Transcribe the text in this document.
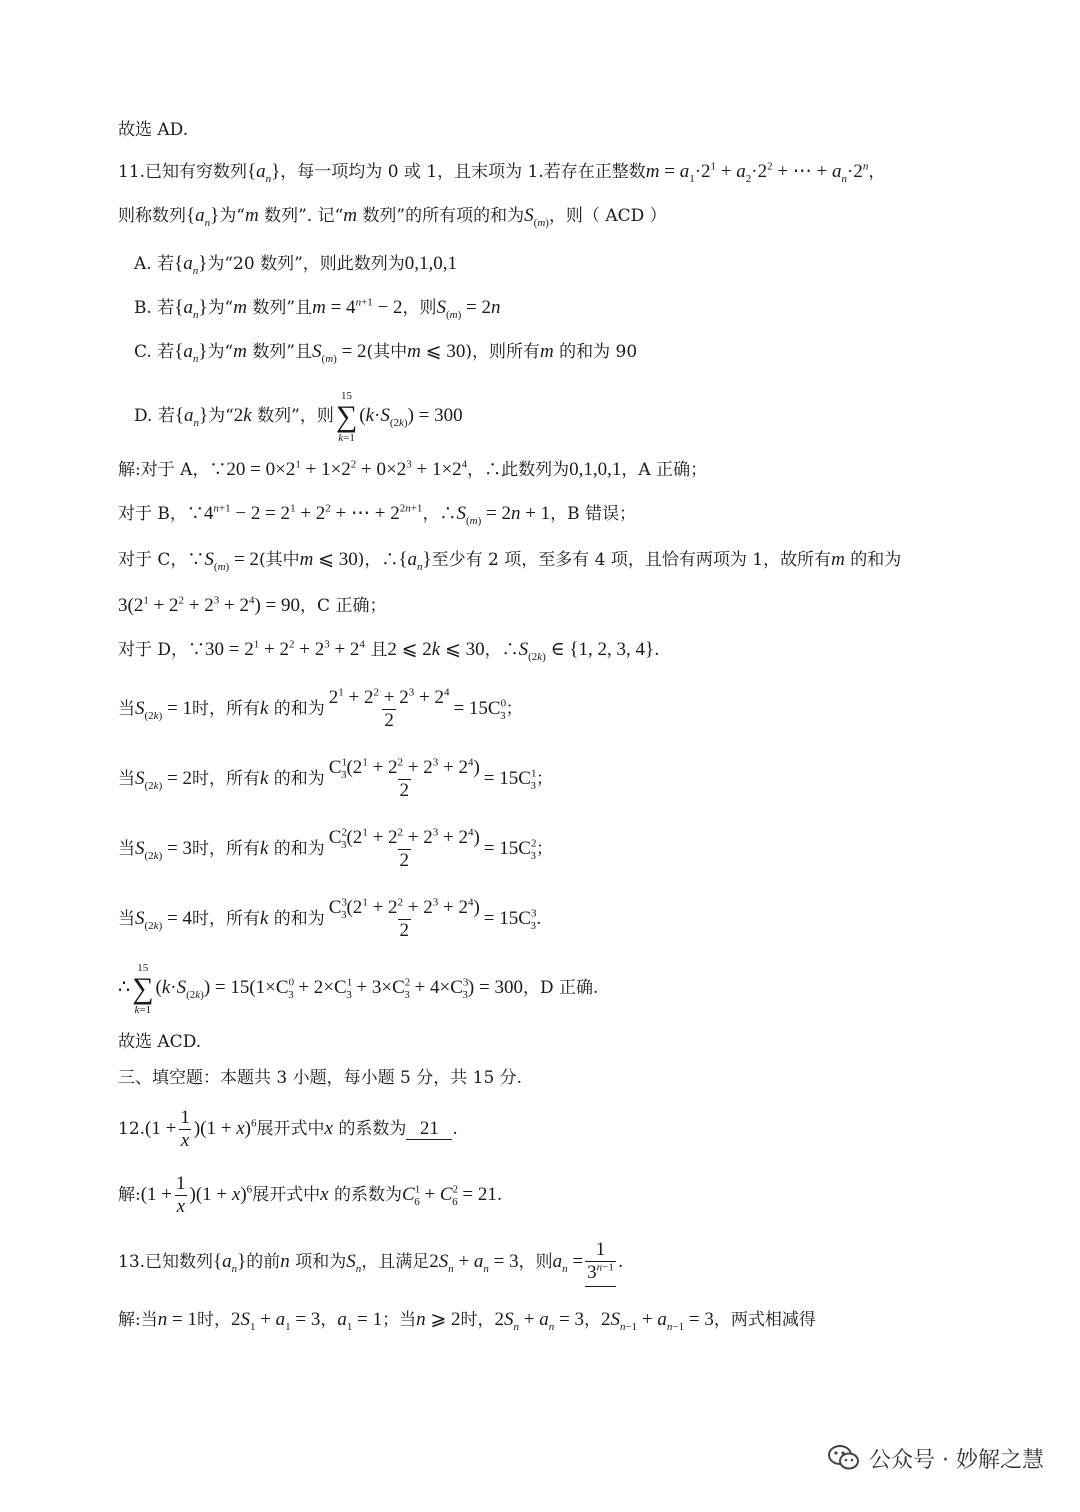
故选 AD.
11.已知有穷数列$\{a_n\}$，每一项均为 0 或 1，且末项为 1.若存在正整数$m = a_1\cdot 2^1 + a_2\cdot 2^2$ + ⋯ + $a_n\cdot 2^n$，
则称数列$\{a_n\}$为“m 数列”. 记“m 数列”的所有项的和为$S_{(m)}$，则（ ACD ）
A. 若$\{a_n\}$为“20 数列”，则此数列为0,1,0,1
B. 若$\{a_n\}$为“m 数列”且$m = 4^{n+1} - 2$，则$S_{(m)} = 2n$
C. 若$\{a_n\}$为“m 数列”且$S_{(m)} = 2$(其中m ⩽ 30)，则所有m 的和为 90
D. 若$\{a_n\}$为“2k 数列”，则
15
∑
k=1
$(k\cdot S_{(2k)}) = 300$
解:对于 A，∵20 = $0\times 2^1 + 1\times 2^2 + 0\times 2^3 + 1\times 2^4$，∴此数列为0,1,0,1，A 正确；
对于 B，$\because 4^{n+1} - 2 = 2^1 + 2^2$ + ⋯ + $2^{2n+1}$，$\therefore S_{(m)} = 2n + 1$，B 错误；
对于 C，$\because S_{(m)} = 2$(其中m ⩽ 30)，$\therefore\{a_n\}$至少有 2 项，至多有 4 项，且恰有两项为 1，故所有m 的和为
$3(2^1 + 2^2 + 2^3 + 2^4) = 90$，C 正确；
对于 D，∵30 = $2^1 + 2^2 + 2^3 + 2^4$ 且2 ⩽ 2k ⩽ 30，$\therefore S_{(2k)}$ ∈ {1, 2, 3, 4}.
当$S_{(2k)} = 1$时，所有k 的和为 $\frac{2^1 + 2^2 + 2^3 + 2^4}{2} = 15C^0_3$；
当$S_{(2k)} = 2$时，所有k 的和为 $\frac{C^1_3(2^1 + 2^2 + 2^3 + 2^4)}{2} = 15C^1_3$；
当$S_{(2k)} = 3$时，所有k 的和为 $\frac{C^2_3(2^1 + 2^2 + 2^3 + 2^4)}{2} = 15C^2_3$；
当$S_{(2k)} = 4$时，所有k 的和为 $\frac{C^3_3(2^1 + 2^2 + 2^3 + 2^4)}{2} = 15C^3_3$.
∴
15
∑
k=1
$(k\cdot S_{(2k)}) = 15(1\times C^0_3 + 2\times C^1_3 + 3\times C^2_3 + 4\times C^3_3) = 300$，D 正确.
故选 ACD.
三、填空题：本题共 3 小题，每小题 5 分，共 15 分.
$12.(1 + \frac{1}{x} )(1 + x)^6$展开式中x 的系数为 21 .
解:(1 + $\frac{1}{x} )(1 + x)^6$展开式中x 的系数为$C^1_6 + C^2_6 = 21$.
13.已知数列$\{a_n\}$的前n 项和为$S_n$，且满足$2S_n + a_n = 3$，则$a_n = \frac{1}{3^{n-1}}$ .
解:当n = 1时，$2S_1 + a_1 = 3$，$a_1 = 1$；当n ⩾ 2时，$2S_n + a_n = 3$，$2S_{n-1} + a_{n-1} = 3$，两式相减得
公众号 · 妙解之慧
